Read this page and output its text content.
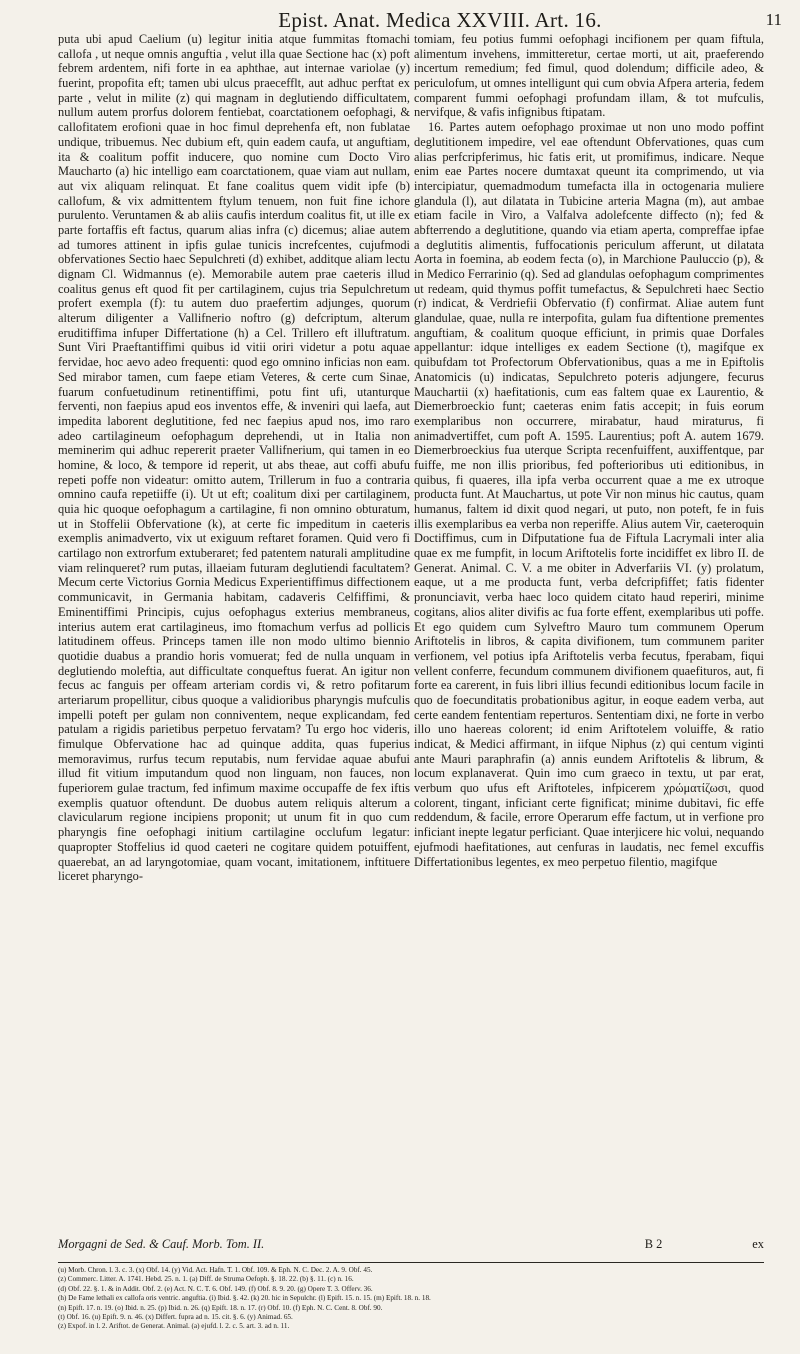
Epist. Anat. Medica XXVIII. Art. 16.	11

puta ubi apud Caelium (u) legitur initia atque fummitas ftomachi callofa , ut neque omnis anguftia , velut illa quae Sectione hac (x) poft febrem ardentem, nifi forte in ea aphthae, aut internae variolae (y) fuerint, propofita eft; tamen ubi ulcus praecefflt, aut adhuc perftat ex parte , velut in milite (z) qui magnam in deglutiendo difficultatem, nullum autem prorfus dolorem fentiebat, coarctationem oefophagi, & callofitatem erofioni quae in hoc fimul deprehenfa eft, non fublatae undique, tribuemus. Nec dubium eft, quin eadem caufa, ut anguftiam, ita & coalitum poffit inducere, quo nomine cum Docto Viro Maucharto (a) hic intelligo eam coarctationem, quae viam aut nullam, aut vix aliquam relinquat. Et fane coalitus quem vidit ipfe (b) callofum, & vix admittentem ftylum tenuem, non fuit fine ichore purulento. Veruntamen & ab aliis caufis interdum coalitus fit, ut ille ex parte fortaffis eft factus, quarum alias infra (c) dicemus; aliae autem ad tumores attinent in ipfis gulae tunicis increfcentes, cujufmodi obfervationes Sectio haec Sepulchreti (d) exhibet, additque aliam lectu dignam Cl. Widmannus (e). Memorabile autem prae caeteris illud coalitus genus eft quod fit per cartilaginem, cujus tria Sepulchretum profert exempla (f): tu autem duo praefertim adjunges, quorum alterum diligenter a Vallifnerio noftro (g) defcriptum, alterum eruditiffima infuper Differtatione (h) a Cel. Trillero eft illuftratum. Sunt Viri Praeftantiffimi quibus id vitii oriri videtur a potu aquae fervidae, hoc aevo adeo frequenti: quod ego omnino inficias non eam. Sed mirabor tamen, cum faepe etiam Veteres, & certe cum Sinae, fuarum confuetudinum retinentiffimi, potu fint ufi, utanturque ferventi, non faepius apud eos inventos effe, & inveniri qui laefa, aut impedita laborent deglutitione, fed nec faepius apud nos, imo raro adeo cartilagineum oefophagum deprehendi, ut in Italia non meminerim qui adhuc repererit praeter Vallifnerium, qui tamen in eo homine, & loco, & tempore id reperit, ut abs theae, aut coffi abufu repeti poffe non videatur: omitto autem, Trillerum in fuo a contraria omnino caufa repetiiffe (i). Ut ut eft; coalitum dixi per cartilaginem, quia hic quoque oefophagum a cartilagine, fi non omnino obturatum, ut in Stoffelii Obfervatione (k), at certe fic impeditum in caeteris exemplis animadverto, vix ut exiguum reftaret foramen. Quid vero fi cartilago non extrorfum extuberaret; fed patentem naturali amplitudine viam relinqueret? rum putas, illaeiam futuram deglutiendi facultatem? Mecum certe Victorius Gornia Medicus Experientiffimus diffectionem communicavit, in Germania habitam, cadaveris Celfiffimi, & Eminentiffimi Principis, cujus oefophagus exterius membraneus, interius autem erat cartilagineus, imo ftomachum verfus ad pollicis latitudinem offeus. Princeps tamen ille non modo ultimo biennio quotidie duabus a prandio horis vomuerat; fed de nulla unquam in deglutiendo moleftia, aut difficultate conqueftus fuerat. An igitur non fecus ac fanguis per offeam arteriam cordis vi, & retro pofitarum arteriarum propellitur, cibus quoque a validioribus pharyngis mufculis impelli poteft per gulam non conniventem, neque explicandam, fed patulam a rigidis parietibus perpetuo fervatam? Tu ergo hoc videris, fimulque Obfervatione hac ad quinque addita, quas fuperius memoravimus, rurfus tecum reputabis, num fervidae aquae abufui illud fit vitium imputandum quod non linguam, non fauces, non fuperiorem gulae tractum, fed infimum maxime occupaffe de fex iftis exemplis quatuor oftendunt. De duobus autem reliquis alterum a clavicularum regione incipiens proponit; ut unum fit in quo cum pharyngis fine oefophagi initium cartilagine occlufum legatur: quapropter Stoffelius id quod caeteri ne cogitare quidem potuiffent, quaerebat, an ad laryngotomiae, quam vocant, imitationem, inftituere liceret pharyngo-

tomiam, feu potius fummi oefophagi incifionem per quam fiftula, alimentum invehens, immitteretur, certae morti, ut ait, praeferendo incertum remedium; fed fimul, quod dolendum; difficile adeo, & periculofum, ut omnes intelligunt qui cum obvia Afpera arteria, fedem comparent fummi oefophagi profundam illam, & tot mufculis, nervifque, & vafis infignibus ftipatam.

16. Partes autem oefophago proximae ut non uno modo poffint deglutitionem impedire, vel eae oftendunt Obfervationes, quas cum alias perfcripferimus, hic fatis erit, ut promifimus, indicare. Neque enim eae Partes nocere dumtaxat queunt ita comprimendo, ut via intercipiatur, quemadmodum tumefacta illa in octogenaria muliere glandula (l), aut dilatata in Tubicine arteria Magna (m), aut ambae etiam facile in Viro, a Valfalva adolefcente diffecto (n); fed & abfterrendo a deglutitione, quando via etiam aperta, compreffae ipfae a deglutitis alimentis, fuffocationis periculum afferunt, ut dilatata Aorta in foemina, ab eodem fecta (o), in Marchione Pauluccio (p), & in Medico Ferrarinio (q). Sed ad glandulas oefophagum comprimentes ut redeam, quid thymus poffit tumefactus, & Sepulchreti haec Sectio (r) indicat, & Verdriefii Obfervatio (f) confirmat. Aliae autem funt glandulae, quae, nulla re interpofita, gulam fua diftentione prementes anguftiam, & coalitum quoque efficiunt, in primis quae Dorfales appellantur: idque intelliges ex eadem Sectione (t), magifque ex quibufdam tot Profectorum Obfervationibus, quas a me in Epiftolis Anatomicis (u) indicatas, Sepulchreto poteris adjungere, fecurus Mauchartii (x) haefitationis, cum eas faltem quae ex Laurentio, & Diemerbroeckio funt; caeteras enim fatis accepit; in fuis eorum exemplaribus non occurrere, mirabatur, haud miraturus, fi animadvertiffet, cum poft A. 1595. Laurentius; poft A. autem 1679. Diemerbroeckius fua uterque Scripta recenfuiffent, auxiffentque, par fuiffe, me non illis prioribus, fed pofterioribus uti editionibus, in quibus, fi quaeres, illa ipfa verba occurrent quae a me ex utroque producta funt. At Mauchartus, ut pote Vir non minus hic cautus, quam humanus, faltem id dixit quod negari, ut puto, non poteft, fe in fuis illis exemplaribus ea verba non reperiffe. Alius autem Vir, caeteroquin Doctiffimus, cum in Difputatione fua de Fiftula Lacrymali inter alia quae ex me fumpfit, in locum Ariftotelis forte incidiffet ex libro II. de Generat. Animal. C. V. a me obiter in Adverfariis VI. (y) prolatum, eaque, ut a me producta funt, verba defcripfiffet; fatis fidenter pronunciavit, verba haec loco quidem citato haud reperiri, minime cogitans, alios aliter divifis ac fua forte effent, exemplaribus uti poffe. Et ego quidem cum Sylveftro Mauro tum communem Operum Ariftotelis in libros, & capita divifionem, tum communem pariter verfionem, vel potius ipfa Ariftotelis verba fecutus, fperabam, fiqui vellent conferre, fecundum communem divifionem quaefituros, aut, fi forte ea carerent, in fuis libri illius fecundi editionibus locum facile in quo de foecunditatis probationibus agitur, in eoque eadem verba, aut certe eandem fententiam reperturos. Sententiam dixi, ne forte in verbo illo uno haereas colorent; id enim Ariftotelem voluiffe, & ratio indicat, & Medici affirmant, in iifque Niphus (z) qui centum viginti ante Mauri paraphrafin (a) annis eundem Ariftotelis & librum, & locum explanaverat. Quin imo cum graeco in textu, ut par erat, verbum quo ufus eft Ariftoteles, infpicerem χρώματίζωσι, quod colorent, tingant, inficiant certe fignificat; minime dubitavi, fic effe reddendum, & facile, errore Operarum effe factum, ut in verfione pro inficiant inepte legatur perficiant. Quae interjicere hic volui, nequando ejufmodi haefitationes, aut cenfuras in laudatis, nec femel excuffis Differtationibus legentes, ex meo perpetuo filentio, magifque

Morgagni de Sed. & Cauf. Morb. Tom. II.	B 2	ex
(u) Morb. Chron. l. 3. c. 3. (x) Obf. 14. (y) Vid. Act. Hafn. T. 1. Obf. 109. & Eph. N. C. Dec. 2. A. 9. Obf. 45.
(z) Commerc. Litter. A. 1741. Hebd. 25. n. 1. (a) Diff. de Struma Oefoph. §. 18. 22. (b) §. 11. (c) n. 16.
(d) Obf. 22. §. 1. & in Addit. Obf. 2. (e) Act. N. C. T. 6. Obf. 149. (f) Obf. 8. 9. 20. (g) Opere T. 3. Offerv. 36.
(h) De Fame lethali ex callofa oris ventric. anguftia. (i) Ibid. §. 42. (k) 20. hic in Sepulchr. (l) Epift. 15. n. 15. (m) Epift. 18. n. 18.
(n) Epift. 17. n. 19. (o) Ibid. n. 25. (p) Ibid. n. 26. (q) Epift. 18. n. 17. (r) Obf. 10. (f) Eph. N. C. Cent. 8. Obf. 90.
(t) Obf. 16. (u) Epift. 9. n. 46. (x) Differt. fupra ad n. 15. cit. §. 6. (y) Animad. 65.
(z) Expof. in l. 2. Ariftot. de Generat. Animal. (a) ejufd. l. 2. c. 5. art. 3. ad n. 11.
